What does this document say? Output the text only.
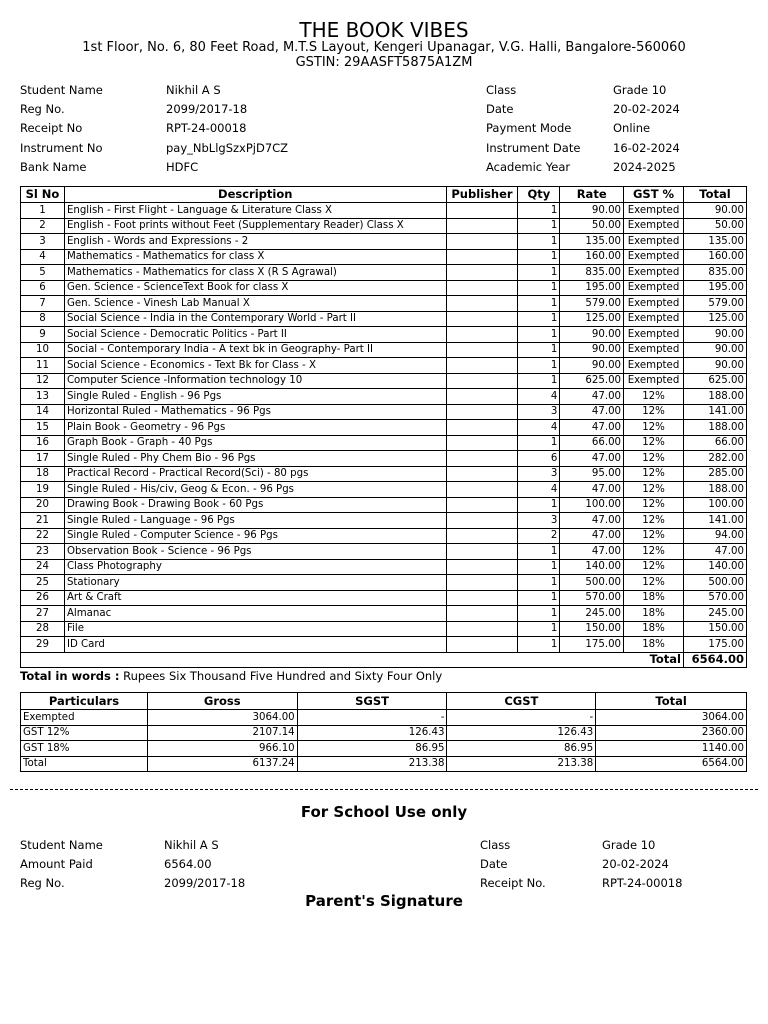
THE BOOK VIBES
1st Floor, No. 6, 80 Feet Road, M.T.S Layout, Kengeri Upanagar, V.G. Halli, Bangalore-560060
GSTIN: 29AASFT5875A1ZM
Student Name	Nikhil A S
Reg No.	2099/2017-18
Receipt No	RPT-24-00018
Instrument No	pay_NbLlgSzxPjD7CZ
Bank Name	HDFC
Class	Grade 10
Date	20-02-2024
Payment Mode	Online
Instrument Date	16-02-2024
Academic Year	2024-2025
Sl No	Description	Publisher	Qty	Rate	GST %	Total
1	English - First Flight - Language & Literature Class X		1	90.00	Exempted	90.00
2	English - Foot prints without Feet (Supplementary Reader) Class X		1	50.00	Exempted	50.00
3	English - Words and Expressions - 2		1	135.00	Exempted	135.00
4	Mathematics - Mathematics for class X		1	160.00	Exempted	160.00
5	Mathematics - Mathematics for class X (R S Agrawal)		1	835.00	Exempted	835.00
6	Gen. Science - ScienceText Book for class X		1	195.00	Exempted	195.00
7	Gen. Science - Vinesh Lab Manual X		1	579.00	Exempted	579.00
8	Social Science - India in the Contemporary World - Part II		1	125.00	Exempted	125.00
9	Social Science - Democratic Politics - Part II		1	90.00	Exempted	90.00
10	Social - Contemporary India - A text bk in Geography- Part II		1	90.00	Exempted	90.00
11	Social Science - Economics - Text Bk for Class - X		1	90.00	Exempted	90.00
12	Computer Science -Information technology 10		1	625.00	Exempted	625.00
13	Single Ruled - English - 96 Pgs		4	47.00	12%	188.00
14	Horizontal Ruled - Mathematics - 96 Pgs		3	47.00	12%	141.00
15	Plain Book - Geometry - 96 Pgs		4	47.00	12%	188.00
16	Graph Book - Graph - 40 Pgs		1	66.00	12%	66.00
17	Single Ruled - Phy Chem Bio - 96 Pgs		6	47.00	12%	282.00
18	Practical Record - Practical Record(Sci) - 80 pgs		3	95.00	12%	285.00
19	Single Ruled - His/civ, Geog & Econ. - 96 Pgs		4	47.00	12%	188.00
20	Drawing Book - Drawing Book - 60 Pgs		1	100.00	12%	100.00
21	Single Ruled - Language - 96 Pgs		3	47.00	12%	141.00
22	Single Ruled - Computer Science - 96 Pgs		2	47.00	12%	94.00
23	Observation Book - Science - 96 Pgs		1	47.00	12%	47.00
24	Class Photography		1	140.00	12%	140.00
25	Stationary		1	500.00	12%	500.00
26	Art & Craft		1	570.00	18%	570.00
27	Almanac		1	245.00	18%	245.00
28	File		1	150.00	18%	150.00
29	ID Card		1	175.00	18%	175.00
					Total	6564.00
Total in words : Rupees Six Thousand Five Hundred and Sixty Four Only
Particulars	Gross	SGST	CGST	Total
Exempted	3064.00	-	-	3064.00
GST 12%	2107.14	126.43	126.43	2360.00
GST 18%	966.10	86.95	86.95	1140.00
Total	6137.24	213.38	213.38	6564.00
For School Use only
Student Name	Nikhil A S
Amount Paid	6564.00
Reg No.	2099/2017-18
Class	Grade 10
Date	20-02-2024
Receipt No.	RPT-24-00018
Parent's Signature
